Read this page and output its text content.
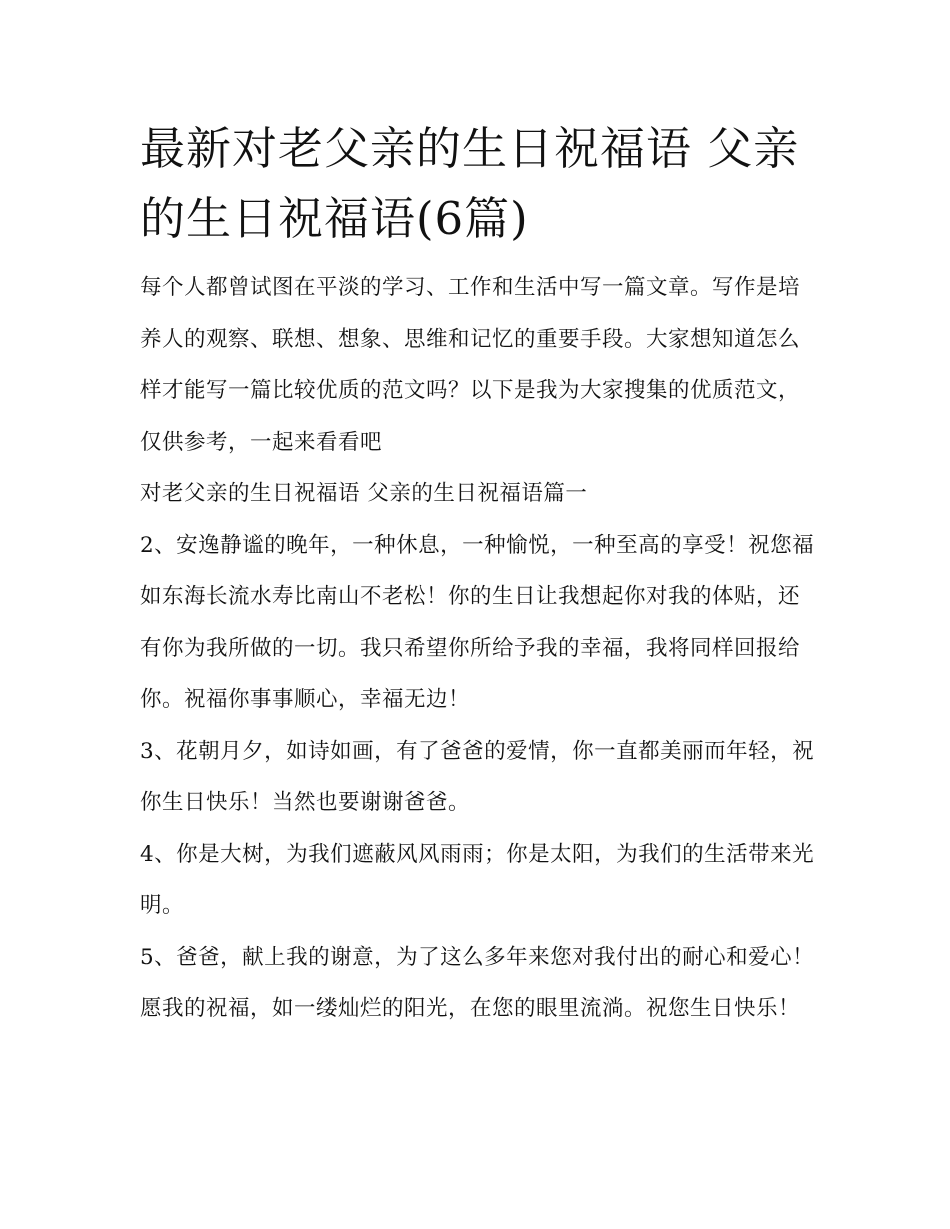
最新对老父亲的生日祝福语 父亲的生日祝福语(6篇)

每个人都曾试图在平淡的学习、工作和生活中写一篇文章。写作是培养人的观察、联想、想象、思维和记忆的重要手段。大家想知道怎么样才能写一篇比较优质的范文吗？以下是我为大家搜集的优质范文，仅供参考，一起来看看吧

对老父亲的生日祝福语 父亲的生日祝福语篇一

2、安逸静谧的晚年，一种休息，一种愉悦，一种至高的享受！祝您福如东海长流水寿比南山不老松！你的生日让我想起你对我的体贴，还有你为我所做的一切。我只希望你所给予我的幸福，我将同样回报给你。祝福你事事顺心，幸福无边！

3、花朝月夕，如诗如画，有了爸爸的爱情，你一直都美丽而年轻，祝你生日快乐！当然也要谢谢爸爸。

4、你是大树，为我们遮蔽风风雨雨；你是太阳，为我们的生活带来光明。

5、爸爸，献上我的谢意，为了这么多年来您对我付出的耐心和爱心！愿我的祝福，如一缕灿烂的阳光，在您的眼里流淌。祝您生日快乐！
